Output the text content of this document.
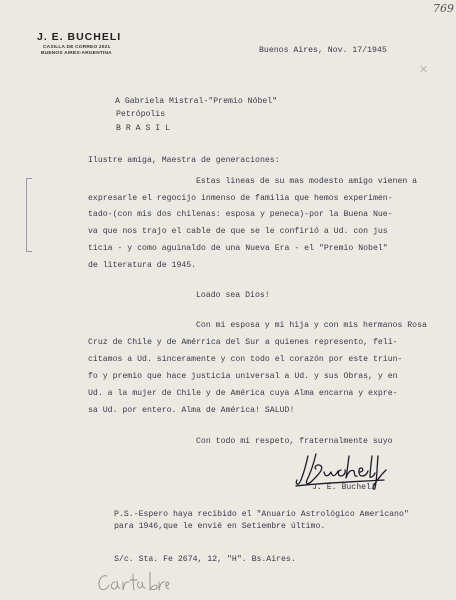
J. E. BUCHELI
CASILLA DE CORREO 2021
BUENOS AIRES-ARGENTINA
769
✕
Buenos Aires, Nov. 17/1945
A Gabriela Mistral-"Premio Nóbel"
Petrópolis
B R A S I L
Ilustre amiga, Maestra de generaciones:
Estas lineas de su mas modesto amigo vienen a
expresarle el regocijo inmenso de familia que hemos experimen-
tado-(con mis dos chilenas: esposa y peneca)-por la Buena Nue-
va que nos trajo el cable de que se le confirió a Ud. con jus
ticia - y como aguinaldo de una Nueva Era - el "Premio Nobel"
de literatura de 1945.
Loado sea Dios!
Con mi esposa y mi hija y con mis hermanos Rosa
Cruz de Chile y de Amérrica del Sur a quienes represento, feli-
citamos a Ud. sinceramente y con todo el corazón por este triun-
fo y premio que hace justicia universal a Ud. y sus Obras, y en
Ud. a la mujer de Chile y de América cuya Alma encarna y expre-
sa Ud. por entero. Alma de América! SALUD!
Con todo mi respeto, fraternalmente suyo
J. E. Bucheli
P.S.-Espero haya recibido el "Anuario Astrológico Americano"
para 1946,que le envié en Setiembre último.
S/c. Sta. Fe 2674, 12, "H". Bs.Aires.
